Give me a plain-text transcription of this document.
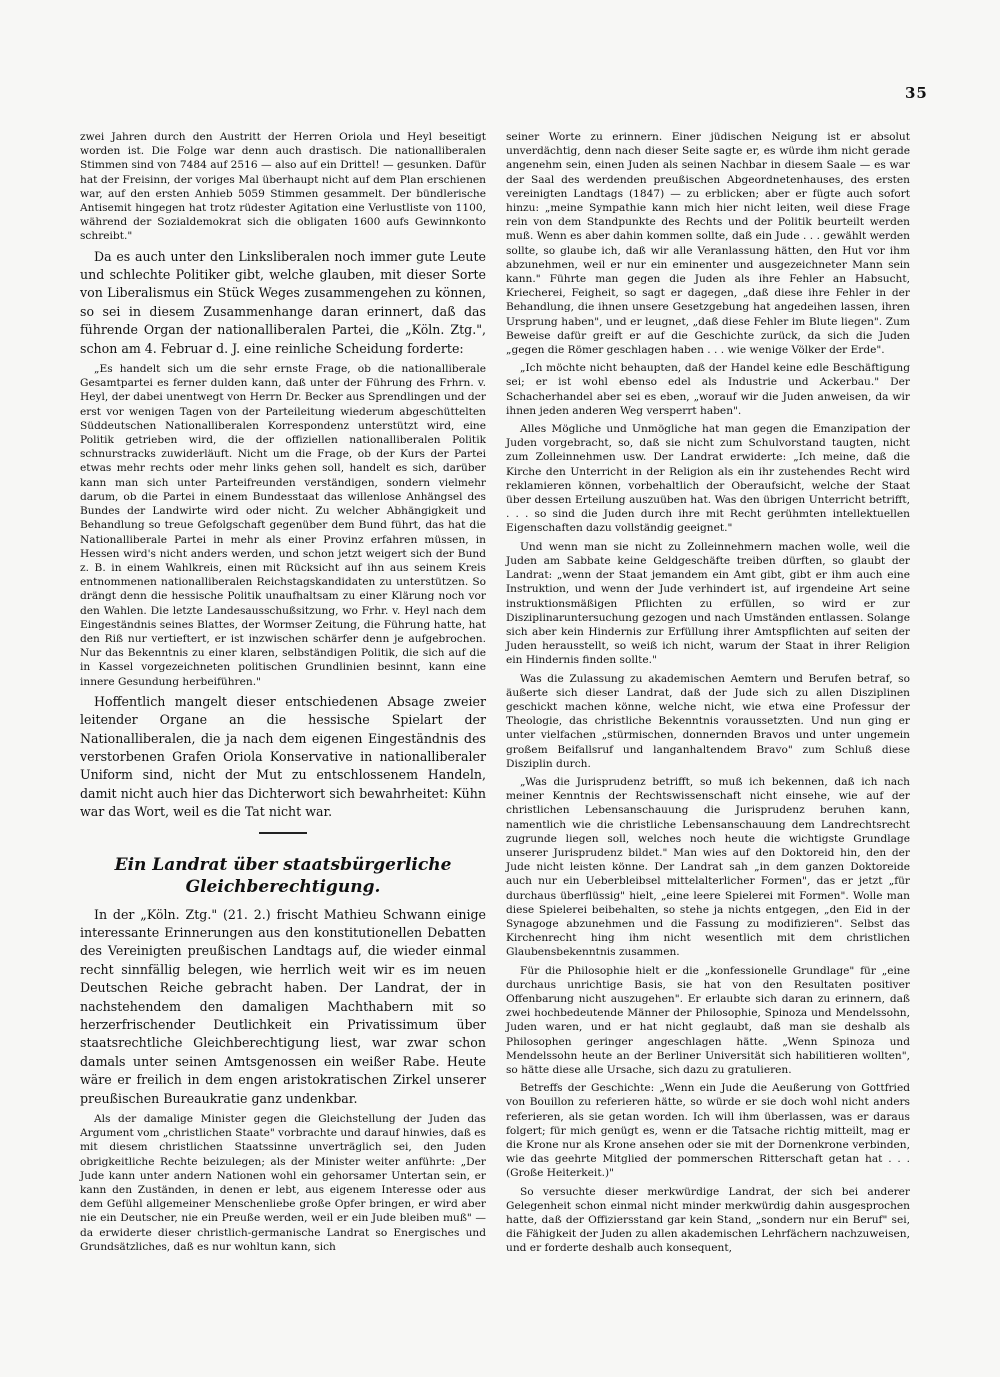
35

zwei Jahren durch den Austritt der Herren Oriola und Heyl beseitigt worden ist. Die Folge war denn auch drastisch. Die nationalliberalen Stimmen sind von 7484 auf 2516 — also auf ein Drittel! — gesunken. Dafür hat der Freisinn, der voriges Mal überhaupt nicht auf dem Plan erschienen war, auf den ersten Anhieb 5059 Stimmen gesammelt. Der bündlerische Antisemit hingegen hat trotz rüdester Agitation eine Verlustliste von 1100, während der Sozialdemokrat sich die obligaten 1600 aufs Gewinnkonto schreibt."

Da es auch unter den Linksliberalen noch immer gute Leute und schlechte Politiker gibt, welche glauben, mit dieser Sorte von Liberalismus ein Stück Weges zusammengehen zu können, so sei in diesem Zusammenhange daran erinnert, daß das führende Organ der nationalliberalen Partei, die „Köln. Ztg.", schon am 4. Februar d. J. eine reinliche Scheidung forderte:

„Es handelt sich um die sehr ernste Frage, ob die nationalliberale Gesamtpartei es ferner dulden kann, daß unter der Führung des Frhrn. v. Heyl, der dabei unentwegt von Herrn Dr. Becker aus Sprendlingen und der erst vor wenigen Tagen von der Parteileitung wiederum abgeschüttelten Süddeutschen Nationalliberalen Korrespondenz unterstützt wird, eine Politik getrieben wird, die der offiziellen nationalliberalen Politik schnurstracks zuwiderläuft. Nicht um die Frage, ob der Kurs der Partei etwas mehr rechts oder mehr links gehen soll, handelt es sich, darüber kann man sich unter Parteifreunden verständigen, sondern vielmehr darum, ob die Partei in einem Bundesstaat das willenlose Anhängsel des Bundes der Landwirte wird oder nicht. Zu welcher Abhängigkeit und Behandlung so treue Gefolgschaft gegenüber dem Bund führt, das hat die Nationalliberale Partei in mehr als einer Provinz erfahren müssen, in Hessen wird's nicht anders werden, und schon jetzt weigert sich der Bund z. B. in einem Wahlkreis, einen mit Rücksicht auf ihn aus seinem Kreis entnommenen nationalliberalen Reichstagskandidaten zu unterstützen. So drängt denn die hessische Politik unaufhaltsam zu einer Klärung noch vor den Wahlen. Die letzte Landesausschußsitzung, wo Frhr. v. Heyl nach dem Eingeständnis seines Blattes, der Wormser Zeitung, die Führung hatte, hat den Riß nur vertieftert, er ist inzwischen schärfer denn je aufgebrochen. Nur das Bekenntnis zu einer klaren, selbständigen Politik, die sich auf die in Kassel vorgezeichneten politischen Grundlinien besinnt, kann eine innere Gesundung herbeiführen."

Hoffentlich mangelt dieser entschiedenen Absage zweier leitender Organe an die hessische Spielart der Nationalliberalen, die ja nach dem eigenen Eingeständnis des verstorbenen Grafen Oriola Konservative in nationalliberaler Uniform sind, nicht der Mut zu entschlossenem Handeln, damit nicht auch hier das Dichterwort sich bewahrheitet: Kühn war das Wort, weil es die Tat nicht war.

Ein Landrat über staatsbürgerliche Gleichberechtigung.

In der „Köln. Ztg." (21. 2.) frischt Mathieu Schwann einige interessante Erinnerungen aus den konstitutionellen Debatten des Vereinigten preußischen Landtags auf, die wieder einmal recht sinnfällig belegen, wie herrlich weit wir es im neuen Deutschen Reiche gebracht haben. Der Landrat, der in nachstehendem den damaligen Machthabern mit so herzerfrischender Deutlichkeit ein Privatissimum über staatsrechtliche Gleichberechtigung liest, war zwar schon damals unter seinen Amtsgenossen ein weißer Rabe. Heute wäre er freilich in dem engen aristokratischen Zirkel unserer preußischen Bureaukratie ganz undenkbar.

Als der damalige Minister gegen die Gleichstellung der Juden das Argument vom „christlichen Staate" vorbrachte und darauf hinwies, daß es mit diesem christlichen Staatssinne unverträglich sei, den Juden obrigkeitliche Rechte beizulegen; als der Minister weiter anführte: „Der Jude kann unter andern Nationen wohl ein gehorsamer Untertan sein, er kann den Zuständen, in denen er lebt, aus eigenem Interesse oder aus dem Gefühl allgemeiner Menschenliebe große Opfer bringen, er wird aber nie ein Deutscher, nie ein Preuße werden, weil er ein Jude bleiben muß" — da erwiderte dieser christlich-germanische Landrat so Energisches und Grundsätzliches, daß es nur wohltun kann, sich

seiner Worte zu erinnern. Einer jüdischen Neigung ist er absolut unverdächtig, denn nach dieser Seite sagte er, es würde ihm nicht gerade angenehm sein, einen Juden als seinen Nachbar in diesem Saale — es war der Saal des werdenden preußischen Abgeordnetenhauses, des ersten vereinigten Landtags (1847) — zu erblicken; aber er fügte auch sofort hinzu: „meine Sympathie kann mich hier nicht leiten, weil diese Frage rein von dem Standpunkte des Rechts und der Politik beurteilt werden muß. Wenn es aber dahin kommen sollte, daß ein Jude . . . gewählt werden sollte, so glaube ich, daß wir alle Veranlassung hätten, den Hut vor ihm abzunehmen, weil er nur ein eminenter und ausgezeichneter Mann sein kann." Führte man gegen die Juden als ihre Fehler an Habsucht, Kriecherei, Feigheit, so sagt er dagegen, „daß diese ihre Fehler in der Behandlung, die ihnen unsere Gesetzgebung hat angedeihen lassen, ihren Ursprung haben", und er leugnet, „daß diese Fehler im Blute liegen". Zum Beweise dafür greift er auf die Geschichte zurück, da sich die Juden „gegen die Römer geschlagen haben . . . wie wenige Völker der Erde".

„Ich möchte nicht behaupten, daß der Handel keine edle Beschäftigung sei; er ist wohl ebenso edel als Industrie und Ackerbau." Der Schacherhandel aber sei es eben, „worauf wir die Juden anweisen, da wir ihnen jeden anderen Weg versperrt haben".

Alles Mögliche und Unmögliche hat man gegen die Emanzipation der Juden vorgebracht, so, daß sie nicht zum Schulvorstand taugten, nicht zum Zolleinnehmen usw. Der Landrat erwiderte: „Ich meine, daß die Kirche den Unterricht in der Religion als ein ihr zustehendes Recht wird reklamieren können, vorbehaltlich der Oberaufsicht, welche der Staat über dessen Erteilung auszuüben hat. Was den übrigen Unterricht betrifft, . . . so sind die Juden durch ihre mit Recht gerühmten intellektuellen Eigenschaften dazu vollständig geeignet."

Und wenn man sie nicht zu Zolleinnehmern machen wolle, weil die Juden am Sabbate keine Geldgeschäfte treiben dürften, so glaubt der Landrat: „wenn der Staat jemandem ein Amt gibt, gibt er ihm auch eine Instruktion, und wenn der Jude verhindert ist, auf irgendeine Art seine instruktionsmäßigen Pflichten zu erfüllen, so wird er zur Disziplinaruntersuchung gezogen und nach Umständen entlassen. Solange sich aber kein Hindernis zur Erfüllung ihrer Amtspflichten auf seiten der Juden herausstellt, so weiß ich nicht, warum der Staat in ihrer Religion ein Hindernis finden sollte."

Was die Zulassung zu akademischen Aemtern und Berufen betraf, so äußerte sich dieser Landrat, daß der Jude sich zu allen Disziplinen geschickt machen könne, welche nicht, wie etwa eine Professur der Theologie, das christliche Bekenntnis voraussetzten. Und nun ging er unter vielfachen „stürmischen, donnernden Bravos und unter ungemein großem Beifallsruf und langanhaltendem Bravo" zum Schluß diese Disziplin durch.

„Was die Jurisprudenz betrifft, so muß ich bekennen, daß ich nach meiner Kenntnis der Rechtswissenschaft nicht einsehe, wie auf der christlichen Lebensanschauung die Jurisprudenz beruhen kann, namentlich wie die christliche Lebensanschauung dem Landrechtsrecht zugrunde liegen soll, welches noch heute die wichtigste Grundlage unserer Jurisprudenz bildet." Man wies auf den Doktoreid hin, den der Jude nicht leisten könne. Der Landrat sah „in dem ganzen Doktoreide auch nur ein Ueberbleibsel mittelalterlicher Formen", das er jetzt „für durchaus überflüssig" hielt, „eine leere Spielerei mit Formen". Wolle man diese Spielerei beibehalten, so stehe ja nichts entgegen, „den Eid in der Synagoge abzunehmen und die Fassung zu modifizieren". Selbst das Kirchenrecht hing ihm nicht wesentlich mit dem christlichen Glaubensbekenntnis zusammen.

Für die Philosophie hielt er die „konfessionelle Grundlage" für „eine durchaus unrichtige Basis, sie hat von den Resultaten positiver Offenbarung nicht auszugehen". Er erlaubte sich daran zu erinnern, daß zwei hochbedeutende Männer der Philosophie, Spinoza und Mendelssohn, Juden waren, und er hat nicht geglaubt, daß man sie deshalb als Philosophen geringer angeschlagen hätte. „Wenn Spinoza und Mendelssohn heute an der Berliner Universität sich habilitieren wollten", so hätte diese alle Ursache, sich dazu zu gratulieren.

Betreffs der Geschichte: „Wenn ein Jude die Aeußerung von Gottfried von Bouillon zu referieren hätte, so würde er sie doch wohl nicht anders referieren, als sie getan worden. Ich will ihm überlassen, was er daraus folgert; für mich genügt es, wenn er die Tatsache richtig mitteilt, mag er die Krone nur als Krone ansehen oder sie mit der Dornenkrone verbinden, wie das geehrte Mitglied der pommerschen Ritterschaft getan hat . . . (Große Heiterkeit.)"

So versuchte dieser merkwürdige Landrat, der sich bei anderer Gelegenheit schon einmal nicht minder merkwürdig dahin ausgesprochen hatte, daß der Offiziersstand gar kein Stand, „sondern nur ein Beruf" sei, die Fähigkeit der Juden zu allen akademischen Lehrfächern nachzuweisen, und er forderte deshalb auch konsequent,
